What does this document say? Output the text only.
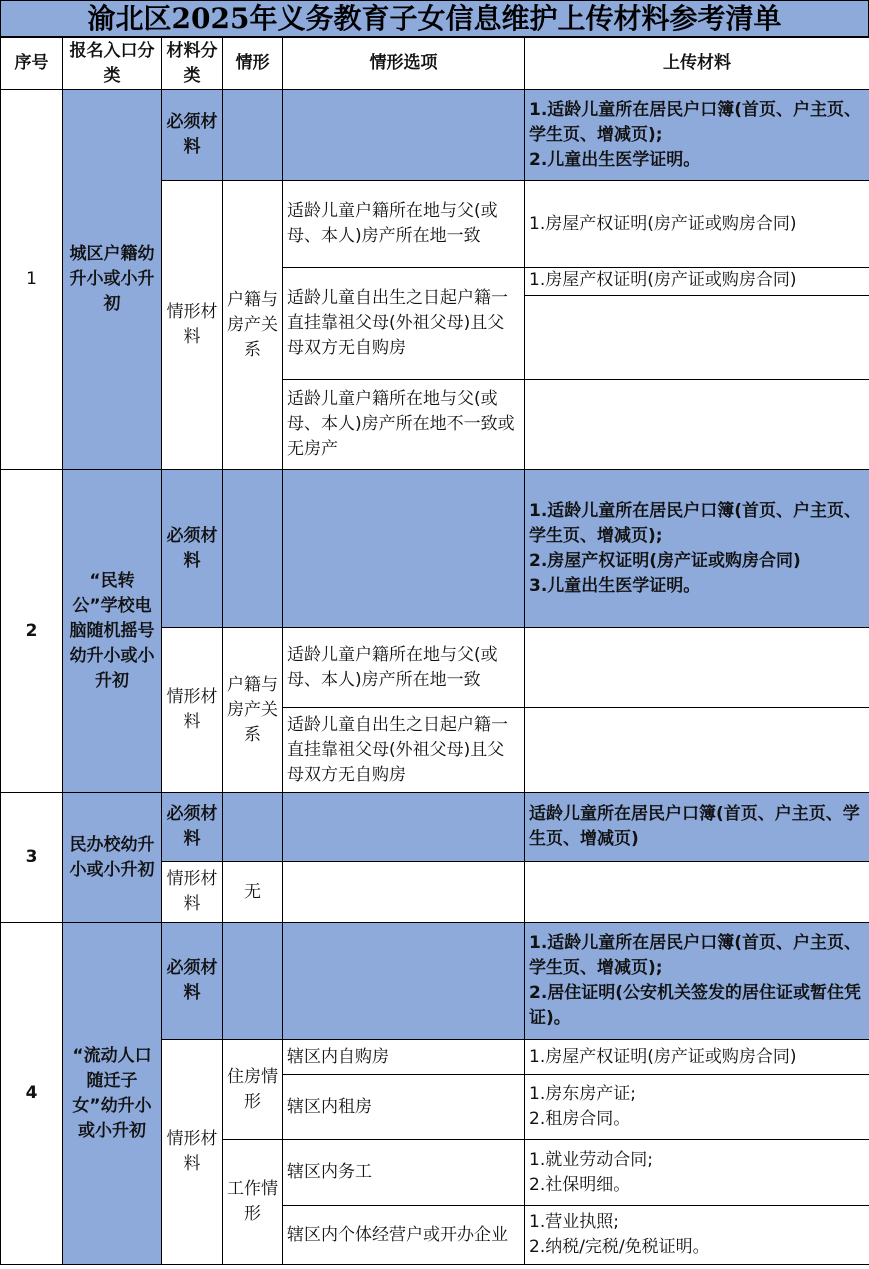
渝北区2025年义务教育子女信息维护上传材料参考清单
序号	报名入口分类	材料分类	情形	情形选项	上传材料
1	城区户籍幼升小或小升初	必须材料			1.适龄儿童所在居民户口簿(首页、户主页、学生页、增减页);
2.儿童出生医学证明。
		情形材料	户籍与房产关系	适龄儿童户籍所在地与父(或母、本人)房产所在地一致	1.房屋产权证明(房产证或购房合同)
				适龄儿童自出生之日起户籍一直挂靠祖父母(外祖父母)且父母双方无自购房	1.房屋产权证明(房产证或购房合同)

				适龄儿童户籍所在地与父(或母、本人)房产所在地不一致或无房产	
2	“民转公”学校电脑随机摇号幼升小或小升初	必须材料			1.适龄儿童所在居民户口簿(首页、户主页、学生页、增减页);
2.房屋产权证明(房产证或购房合同)
3.儿童出生医学证明。
		情形材料	户籍与房产关系	适龄儿童户籍所在地与父(或母、本人)房产所在地一致	
				适龄儿童自出生之日起户籍一直挂靠祖父母(外祖父母)且父母双方无自购房	
3	民办校幼升小或小升初	必须材料			适龄儿童所在居民户口簿(首页、户主页、学生页、增减页)
		情形材料	无		
4	“流动人口随迁子女”幼升小或小升初	必须材料			1.适龄儿童所在居民户口簿(首页、户主页、学生页、增减页);
2.居住证明(公安机关签发的居住证或暂住凭证)。
		情形材料	住房情形	辖区内自购房	1.房屋产权证明(房产证或购房合同)
				辖区内租房	1.房东房产证;
2.租房合同。
			工作情形	辖区内务工	1.就业劳动合同;
2.社保明细。
				辖区内个体经营户或开办企业	1.营业执照;
2.纳税/完税/免税证明。
